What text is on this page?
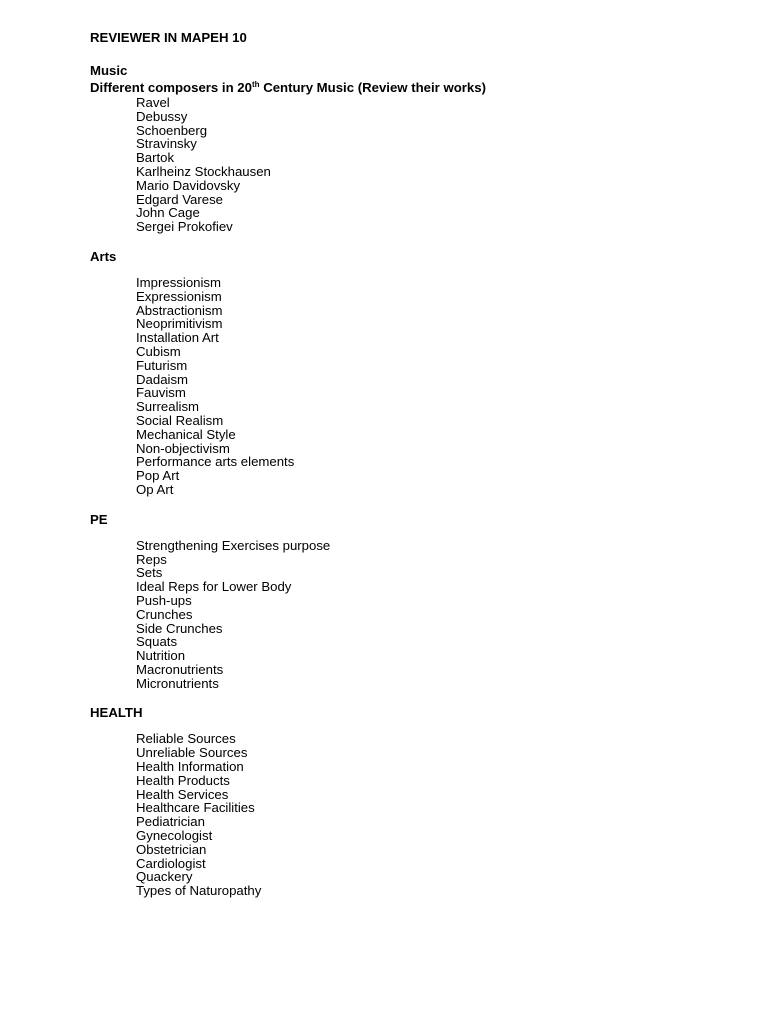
REVIEWER IN MAPEH 10
Music
Different composers in 20th Century Music (Review their works)
Ravel
Debussy
Schoenberg
Stravinsky
Bartok
Karlheinz Stockhausen
Mario Davidovsky
Edgard Varese
John Cage
Sergei Prokofiev
Arts
Impressionism
Expressionism
Abstractionism
Neoprimitivism
Installation Art
Cubism
Futurism
Dadaism
Fauvism
Surrealism
Social Realism
Mechanical Style
Non-objectivism
Performance arts elements
Pop Art
Op Art
PE
Strengthening Exercises purpose
Reps
Sets
Ideal Reps for Lower Body
Push-ups
Crunches
Side Crunches
Squats
Nutrition
Macronutrients
Micronutrients
HEALTH
Reliable Sources
Unreliable Sources
Health Information
Health Products
Health Services
Healthcare Facilities
Pediatrician
Gynecologist
Obstetrician
Cardiologist
Quackery
Types of Naturopathy
